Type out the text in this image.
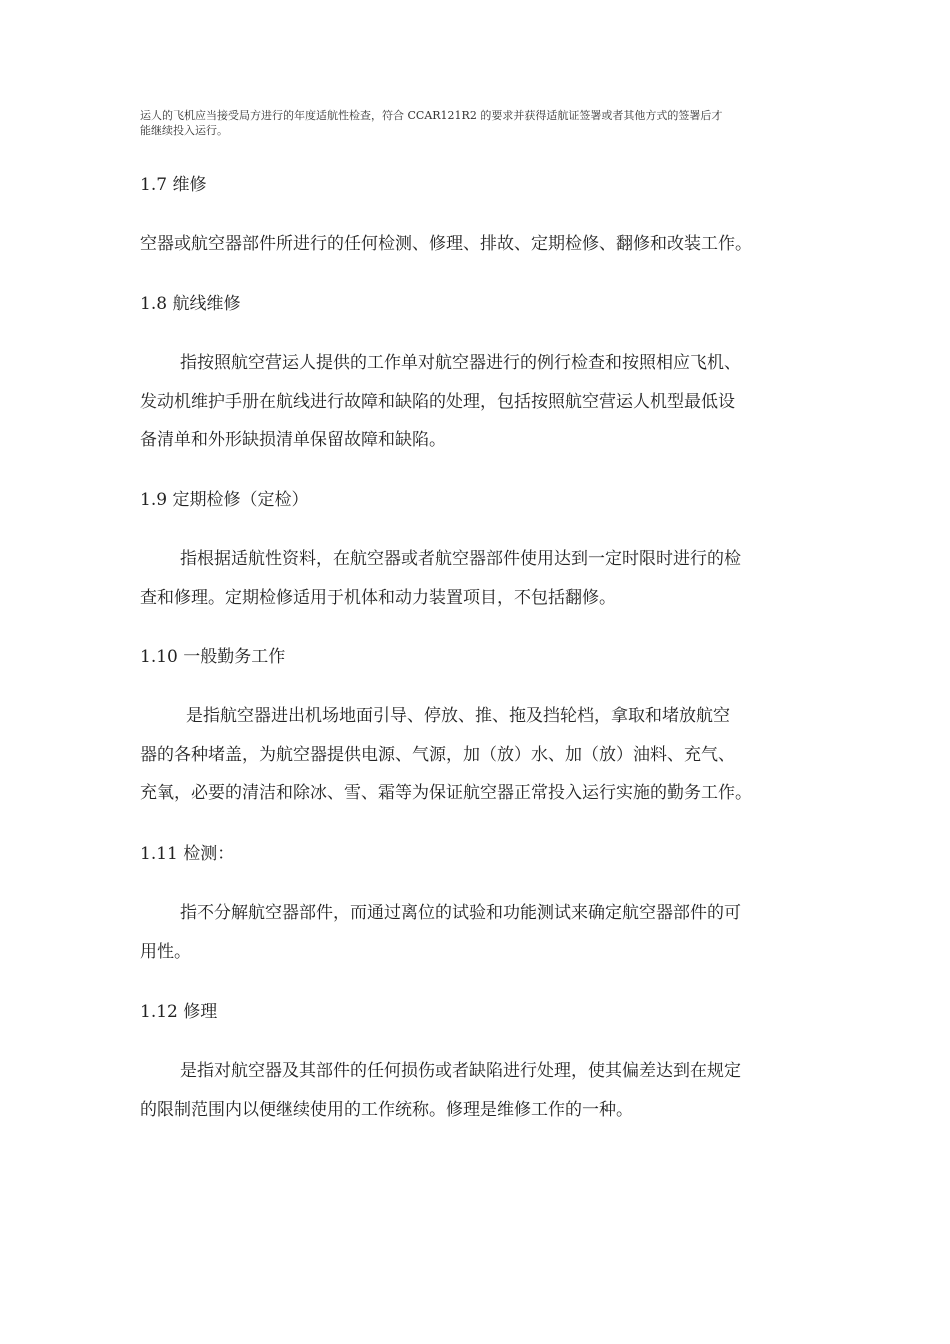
运人的飞机应当接受局方进行的年度适航性检查，符合 CCAR121R2 的要求并获得适航证签署或者其他方式的签署后才
能继续投入运行。
1.7 维修
空器或航空器部件所进行的任何检测、修理、排故、定期检修、翻修和改装工作。
1.8 航线维修
指按照航空营运人提供的工作单对航空器进行的例行检查和按照相应飞机、
发动机维护手册在航线进行故障和缺陷的处理，包括按照航空营运人机型最低设
备清单和外形缺损清单保留故障和缺陷。
1.9 定期检修（定检）
指根据适航性资料，在航空器或者航空器部件使用达到一定时限时进行的检
查和修理。定期检修适用于机体和动力装置项目，不包括翻修。
1.10 一般勤务工作
是指航空器进出机场地面引导、停放、推、拖及挡轮档，拿取和堵放航空
器的各种堵盖，为航空器提供电源、气源，加（放）水、加（放）油料、充气、
充氧，必要的清洁和除冰、雪、霜等为保证航空器正常投入运行实施的勤务工作。
1.11 检测：
指不分解航空器部件，而通过离位的试验和功能测试来确定航空器部件的可
用性。
1.12 修理
是指对航空器及其部件的任何损伤或者缺陷进行处理，使其偏差达到在规定
的限制范围内以便继续使用的工作统称。修理是维修工作的一种。
